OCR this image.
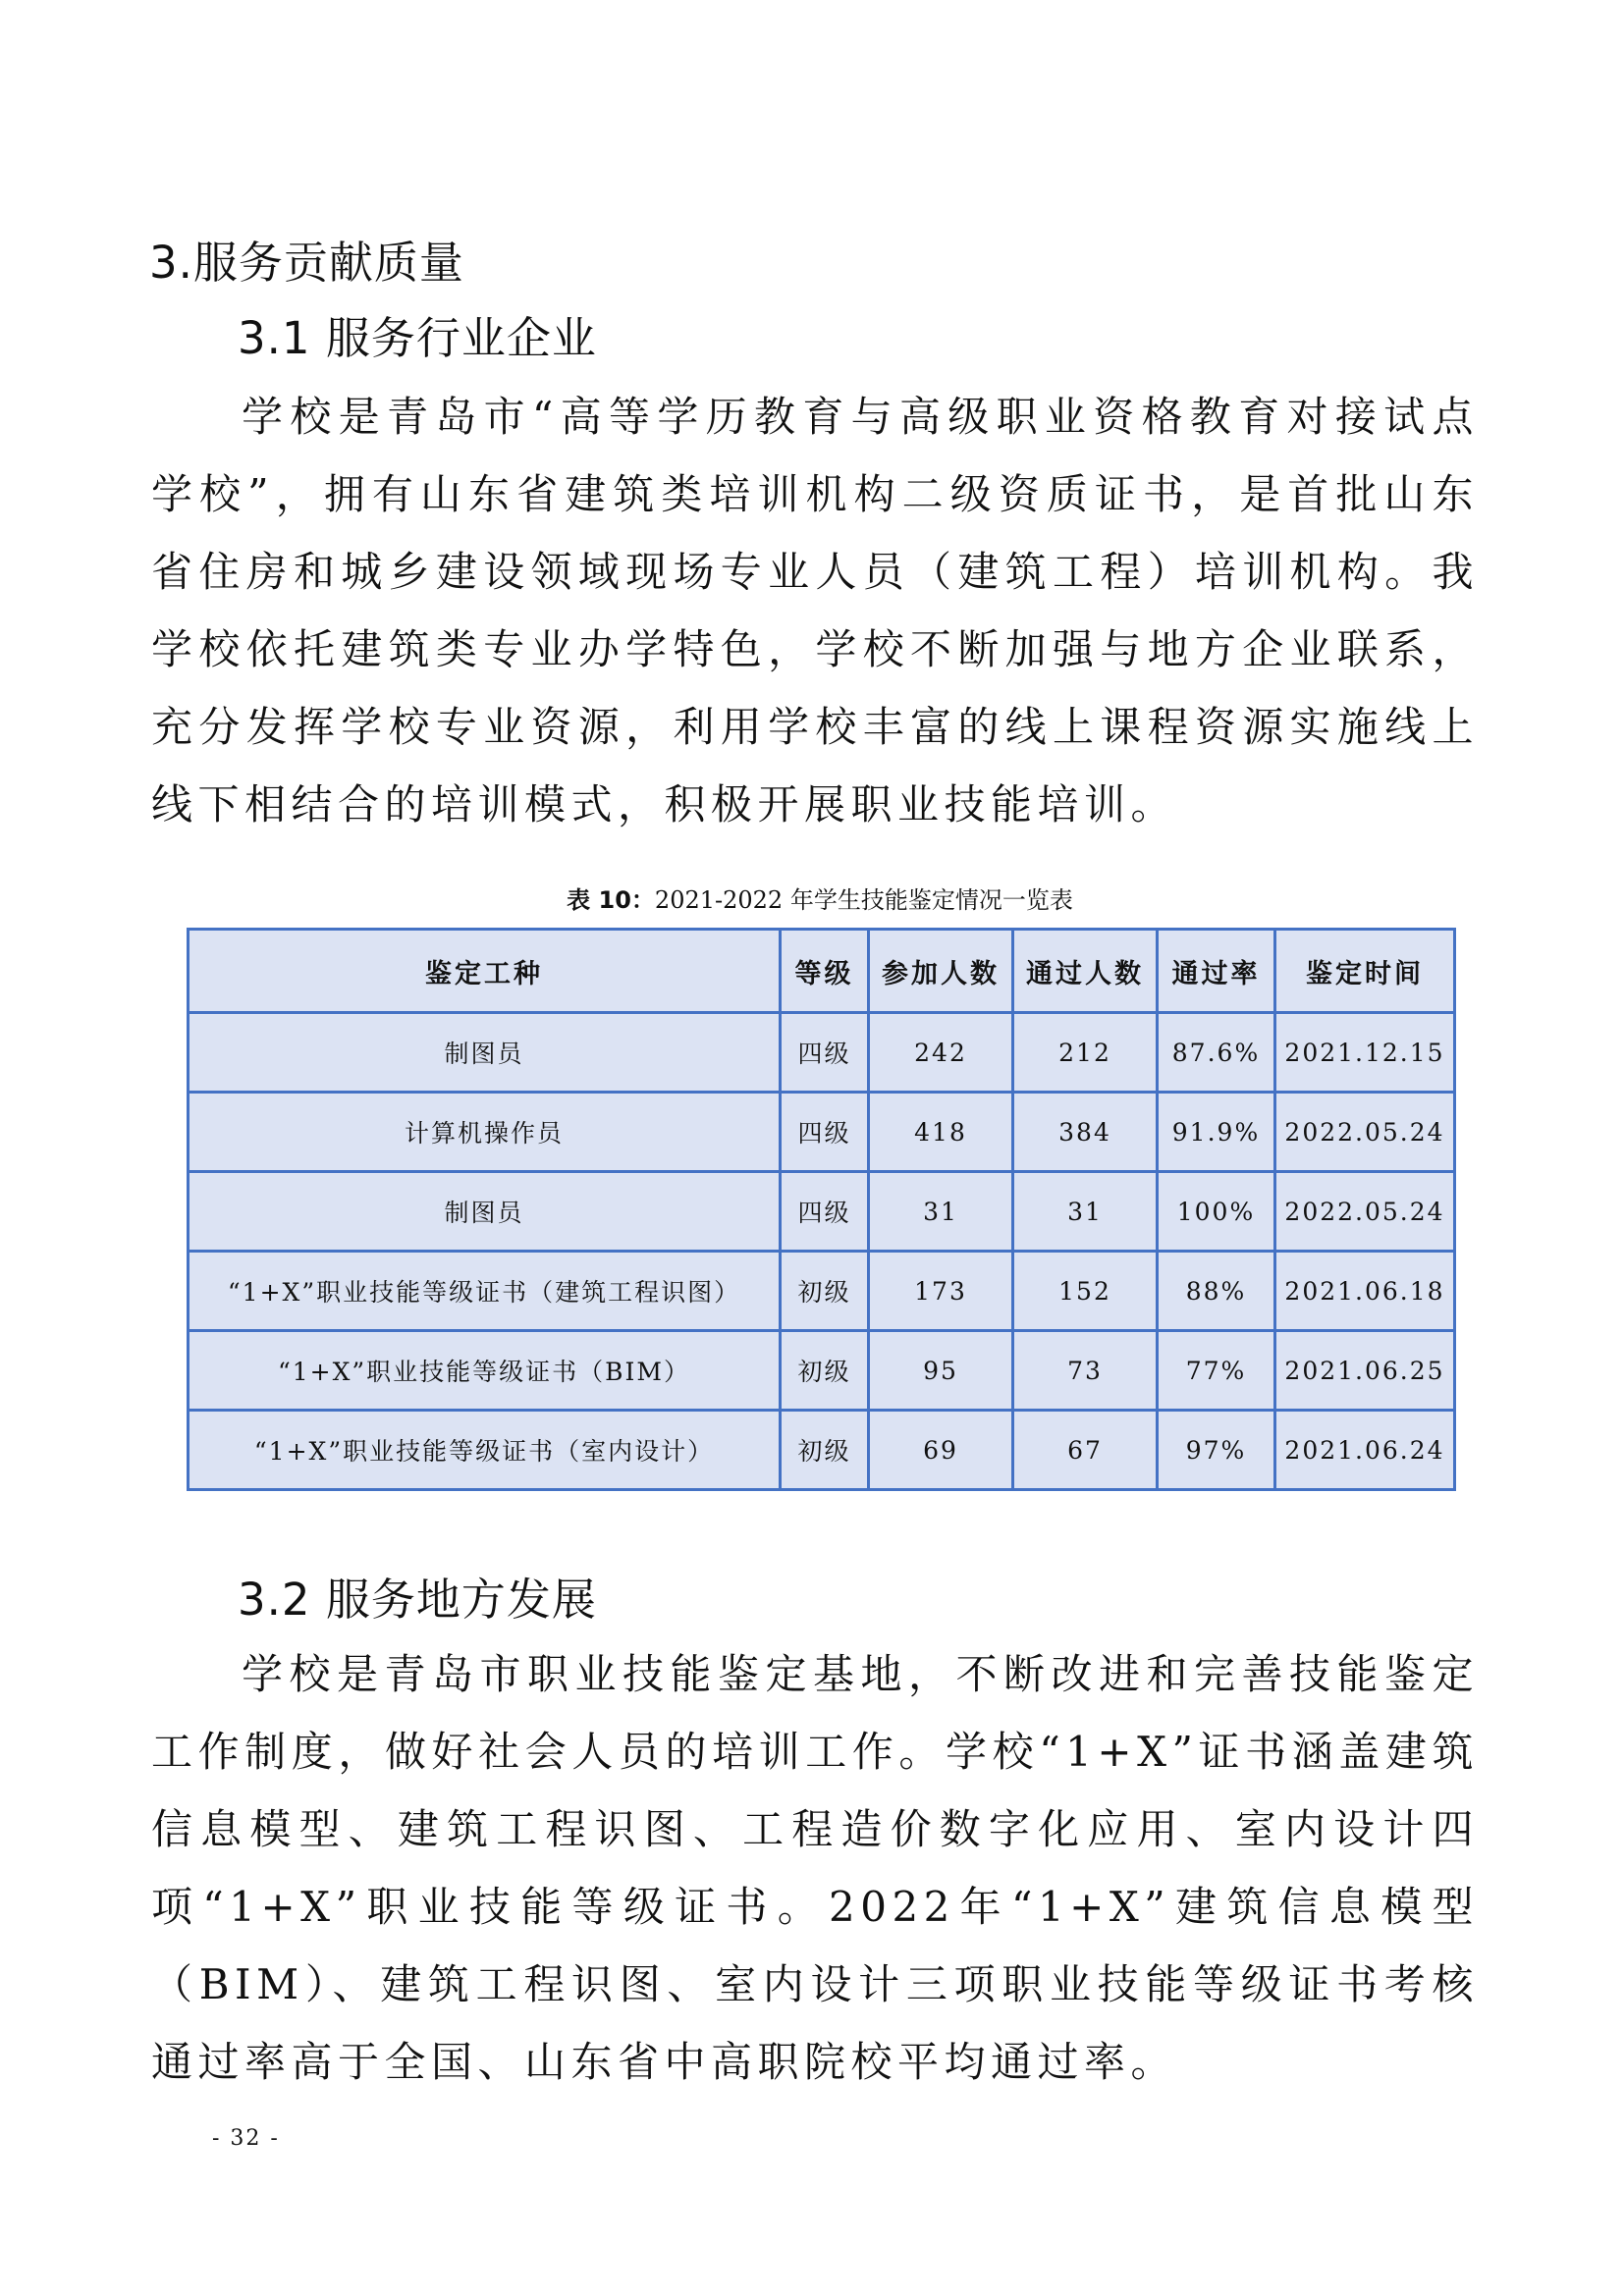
3.服务贡献质量
3.1 服务行业企业

学校是青岛市“高等学历教育与高级职业资格教育对接试点学校”，拥有山东省建筑类培训机构二级资质证书，是首批山东省住房和城乡建设领域现场专业人员（建筑工程）培训机构。我学校依托建筑类专业办学特色，学校不断加强与地方企业联系，充分发挥学校专业资源，利用学校丰富的线上课程资源实施线上线下相结合的培训模式，积极开展职业技能培训。

表 10：2021-2022 年学生技能鉴定情况一览表
鉴定工种	等级	参加人数	通过人数	通过率	鉴定时间
制图员	四级	242	212	87.6%	2021.12.15
计算机操作员	四级	418	384	91.9%	2022.05.24
制图员	四级	31	31	100%	2022.05.24
“1+X”职业技能等级证书（建筑工程识图）	初级	173	152	88%	2021.06.18
“1+X”职业技能等级证书（BIM）	初级	95	73	77%	2021.06.25
“1+X”职业技能等级证书（室内设计）	初级	69	67	97%	2021.06.24
3.2 服务地方发展

学校是青岛市职业技能鉴定基地，不断改进和完善技能鉴定工作制度，做好社会人员的培训工作。学校“1+X”证书涵盖建筑信息模型、建筑工程识图、工程造价数字化应用、室内设计四项“1+X”职业技能等级证书。2022年“1+X”建筑信息模型（BIM）、建筑工程识图、室内设计三项职业技能等级证书考核通过率高于全国、山东省中高职院校平均通过率。

- 32 -
